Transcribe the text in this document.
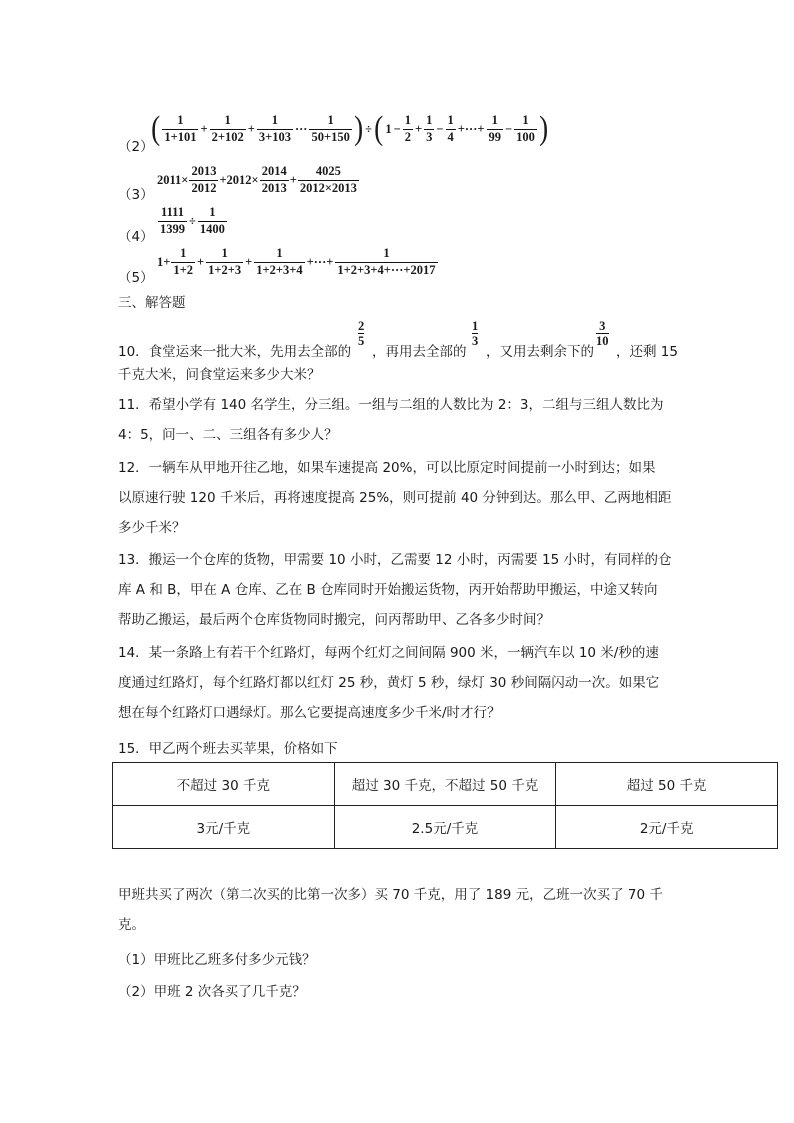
（2）
( $\frac{1}{1+101} + \frac{1}{2+102} + \frac{1}{3+103}$ ··· $\frac{1}{50+150}$ ) ÷ ( $1 - \frac{1}{2} + \frac{1}{3} - \frac{1}{4}$ +···+ $\frac{1}{99} - \frac{1}{100}$ )
（3）
$2011\times \frac{2013}{2012} +2012\times \frac{2014}{2013} + \frac{4025}{2012\times 2013}$
（4）
$\frac{1111}{1399} \div \frac{1}{1400}$
（5）
$1+ \frac{1}{1+2} + \frac{1}{1+2+3} + \frac{1}{1+2+3+4}$ +···+ $\frac{1}{1+2+3+4+\cdot\cdot\cdot+2017}$
三、解答题
10．食堂运来一批大米，先用去全部的
2
5
，再用去全部的
1
3
，又用去剩余下的
3
10
，还剩 15
千克大米，问食堂运来多少大米？
11．希望小学有 140 名学生，分三组。一组与二组的人数比为 2：3，二组与三组人数比为
4：5，问一、二、三组各有多少人？
12．一辆车从甲地开往乙地，如果车速提高 20%，可以比原定时间提前一小时到达；如果
以原速行驶 120 千米后，再将速度提高 25%，则可提前 40 分钟到达。那么甲、乙两地相距
多少千米？
13．搬运一个仓库的货物，甲需要 10 小时，乙需要 12 小时，丙需要 15 小时，有同样的仓
库 A 和 B，甲在 A 仓库、乙在 B 仓库同时开始搬运货物，丙开始帮助甲搬运，中途又转向
帮助乙搬运，最后两个仓库货物同时搬完，问丙帮助甲、乙各多少时间？
14．某一条路上有若干个红路灯，每两个红灯之间间隔 900 米，一辆汽车以 10 米/秒的速
度通过红路灯，每个红路灯都以红灯 25 秒，黄灯 5 秒，绿灯 30 秒间隔闪动一次。如果它
想在每个红路灯口遇绿灯。那么它要提高速度多少千米/时才行？
15．甲乙两个班去买苹果，价格如下
不超过 30 千克	超过 30 千克，不超过 50 千克	超过 50 千克
3元/千克	2.5元/千克	2元/千克
甲班共买了两次（第二次买的比第一次多）买 70 千克，用了 189 元，乙班一次买了 70 千
克。
（1）甲班比乙班多付多少元钱？
（2）甲班 2 次各买了几千克？
